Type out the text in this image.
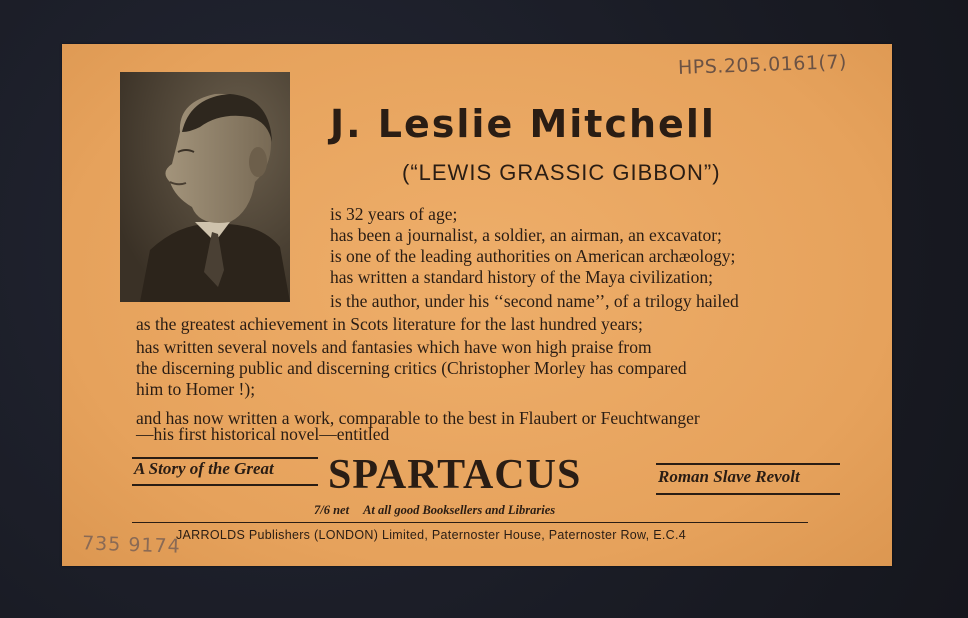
HPS.205.0161(7)
J. Leslie Mitchell
(“LEWIS GRASSIC GIBBON”)
is 32 years of age;
has been a journalist, a soldier, an airman, an excavator;
is one of the leading authorities on American archæology;
has written a standard history of the Maya civilization;
is the author, under his ‘‘second name’’, of a trilogy hailed
as the greatest achievement in Scots literature for the last hundred years;
has written several novels and fantasies which have won high praise from
the discerning public and discerning critics (Christopher Morley has compared
him to Homer !);
and has now written a work, comparable to the best in Flaubert or Feuchtwanger
—his first historical novel—entitled
A Story of the Great SPARTACUS	Roman Slave Revolt
7/6 net At all good Booksellers and Libraries
JARROLDS Publishers (LONDON) Limited, Paternoster House, Paternoster Row, E.C.4
735 9174
